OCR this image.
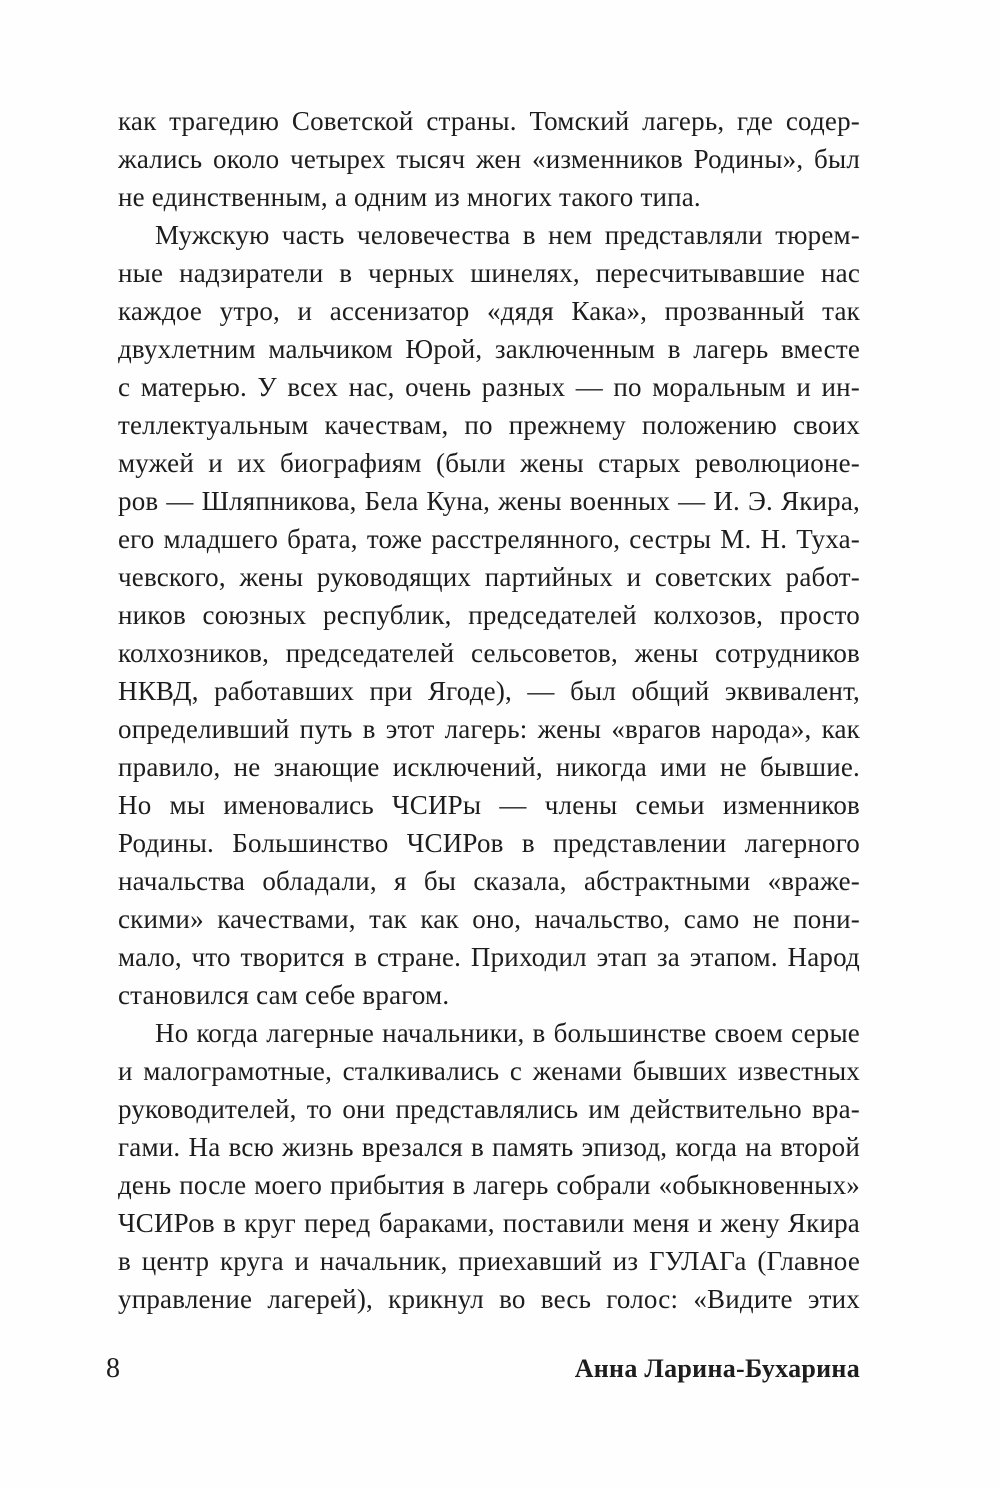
как трагедию Советской страны. Томский лагерь, где содер-
жались около четырех тысяч жен «изменников Родины», был
не единственным, а одним из многих такого типа.
Мужскую часть человечества в нем представляли тюрем-
ные надзиратели в черных шинелях, пересчитывавшие нас
каждое утро, и ассенизатор «дядя Кака», прозванный так
двухлетним мальчиком Юрой, заключенным в лагерь вместе
с матерью. У всех нас, очень разных — по моральным и ин-
теллектуальным качествам, по прежнему положению своих
мужей и их биографиям (были жены старых революционе-
ров — Шляпникова, Бела Куна, жены военных — И. Э. Якира,
его младшего брата, тоже расстрелянного, сестры М. Н. Туха-
чевского, жены руководящих партийных и советских работ-
ников союзных республик, председателей колхозов, просто
колхозников, председателей сельсоветов, жены сотрудников
НКВД, работавших при Ягоде), — был общий эквивалент,
определивший путь в этот лагерь: жены «врагов народа», как
правило, не знающие исключений, никогда ими не бывшие.
Но мы именовались ЧСИРы — члены семьи изменников
Родины. Большинство ЧСИРов в представлении лагерного
начальства обладали, я бы сказала, абстрактными «враже-
скими» качествами, так как оно, начальство, само не пони-
мало, что творится в стране. Приходил этап за этапом. Народ
становился сам себе врагом.
Но когда лагерные начальники, в большинстве своем серые
и малограмотные, сталкивались с женами бывших известных
руководителей, то они представлялись им действительно вра-
гами. На всю жизнь врезался в память эпизод, когда на второй
день после моего прибытия в лагерь собрали «обыкновенных»
ЧСИРов в круг перед бараками, поставили меня и жену Якира
в центр круга и начальник, приехавший из ГУЛАГа (Главное
управление лагерей), крикнул во весь голос: «Видите этих
8	Анна Ларина-Бухарина
